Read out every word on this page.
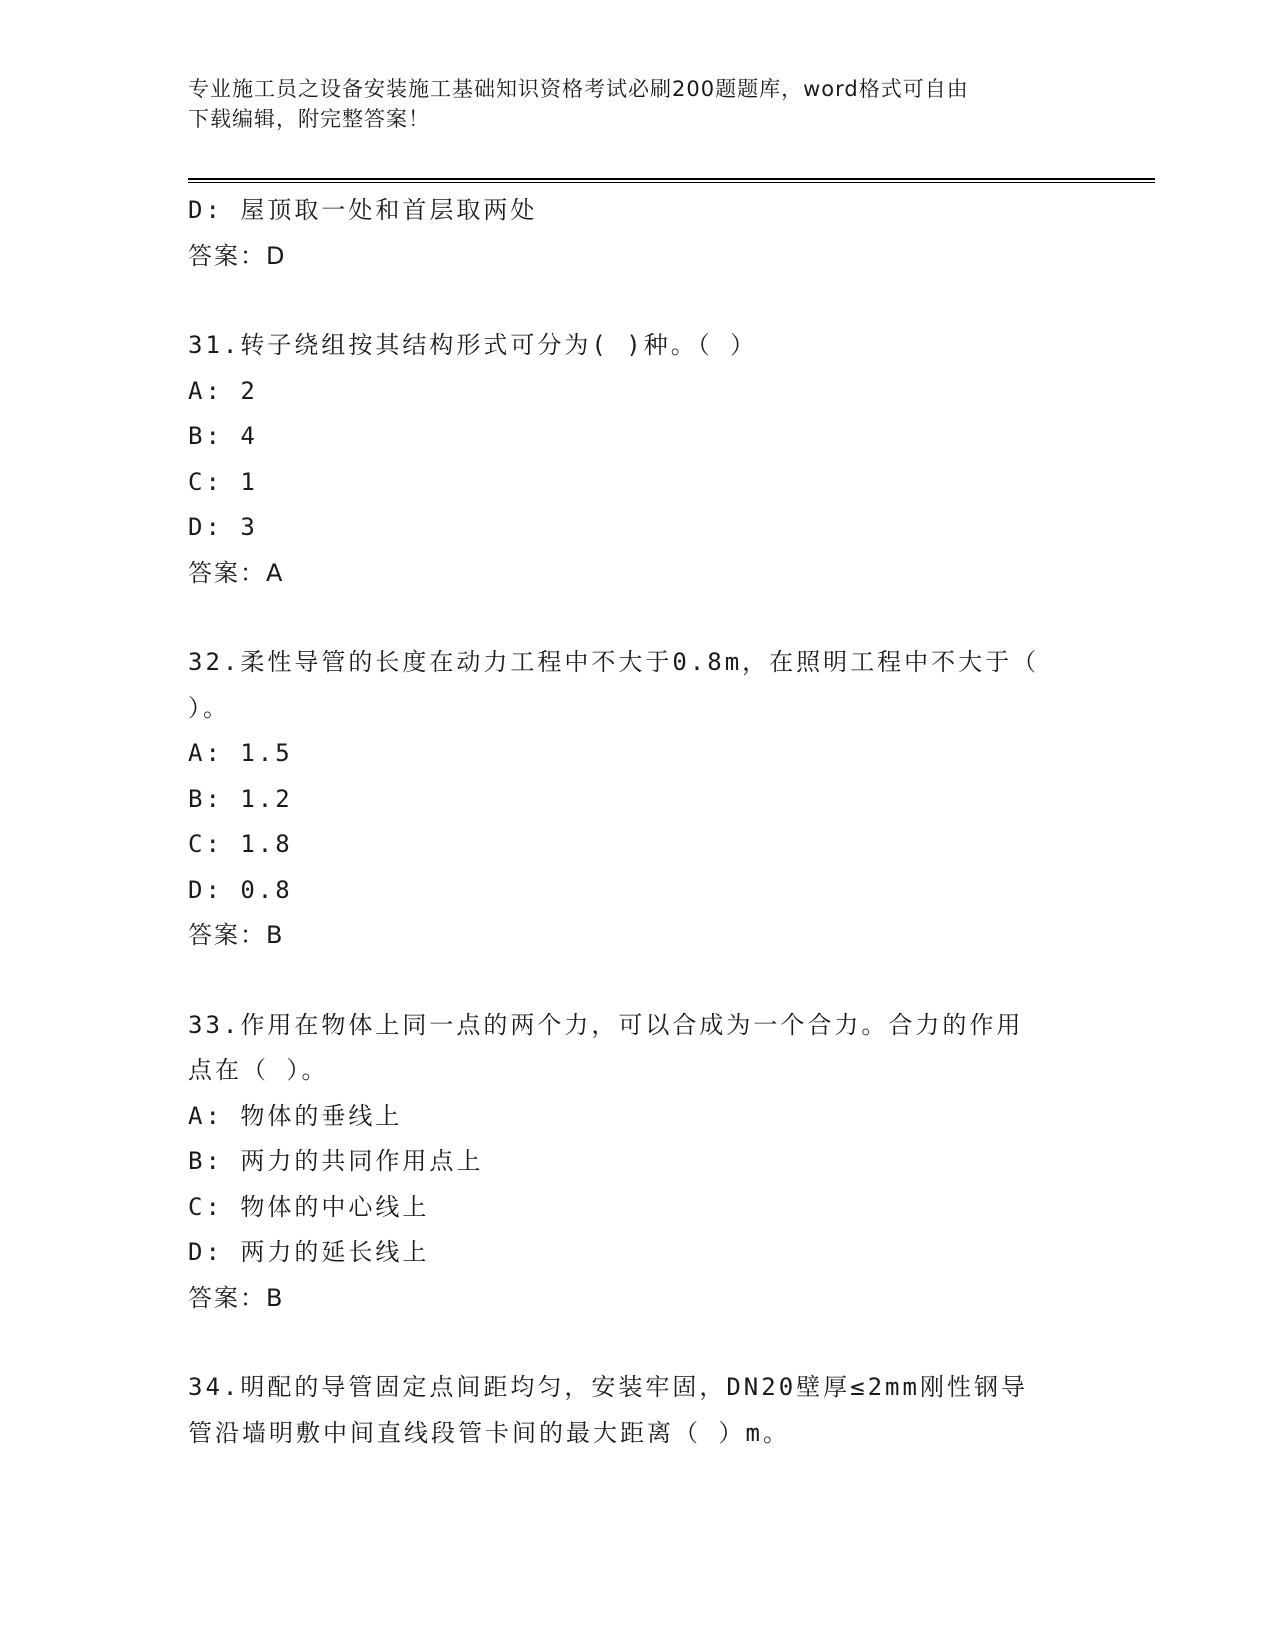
专业施工员之设备安装施工基础知识资格考试必刷200题题库，word格式可自由
下载编辑，附完整答案！
D: 屋顶取一处和首层取两处
答案：D
31.转子绕组按其结构形式可分为( )种。（ ）
A: 2
B: 4
C: 1
D: 3
答案：A
32.柔性导管的长度在动力工程中不大于0.8m，在照明工程中不大于（
）。
A: 1.5
B: 1.2
C: 1.8
D: 0.8
答案：B
33.作用在物体上同一点的两个力，可以合成为一个合力。合力的作用
点在（ ）。
A: 物体的垂线上
B: 两力的共同作用点上
C: 物体的中心线上
D: 两力的延长线上
答案：B
34.明配的导管固定点间距均匀，安装牢固，DN20壁厚≤2mm刚性钢导
管沿墙明敷中间直线段管卡间的最大距离（ ）m。
